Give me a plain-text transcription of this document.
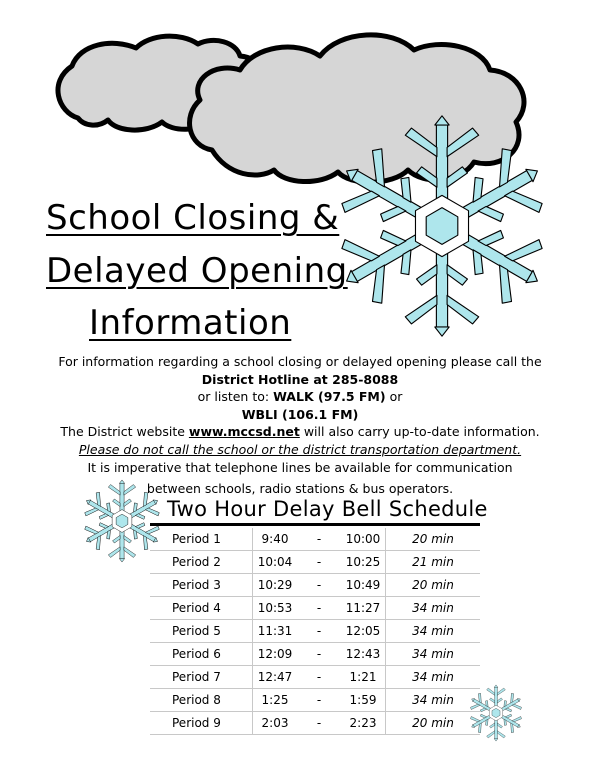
School Closing &
Delayed Opening
Information
For information regarding a school closing or delayed opening please call the
District Hotline at 285-8088
or listen to: WALK (97.5 FM) or
WBLI (106.1 FM)
The District website www.mccsd.net will also carry up-to-date information.
Please do not call the school or the district transportation department.
It is imperative that telephone lines be available for communication
between schools, radio stations & bus operators.
Two Hour Delay Bell Schedule
Period 1	9:40	-	10:00	20 min
Period 2	10:04	-	10:25	21 min
Period 3	10:29	-	10:49	20 min
Period 4	10:53	-	11:27	34 min
Period 5	11:31	-	12:05	34 min
Period 6	12:09	-	12:43	34 min
Period 7	12:47	-	1:21	34 min
Period 8	1:25	-	1:59	34 min
Period 9	2:03	-	2:23	20 min
